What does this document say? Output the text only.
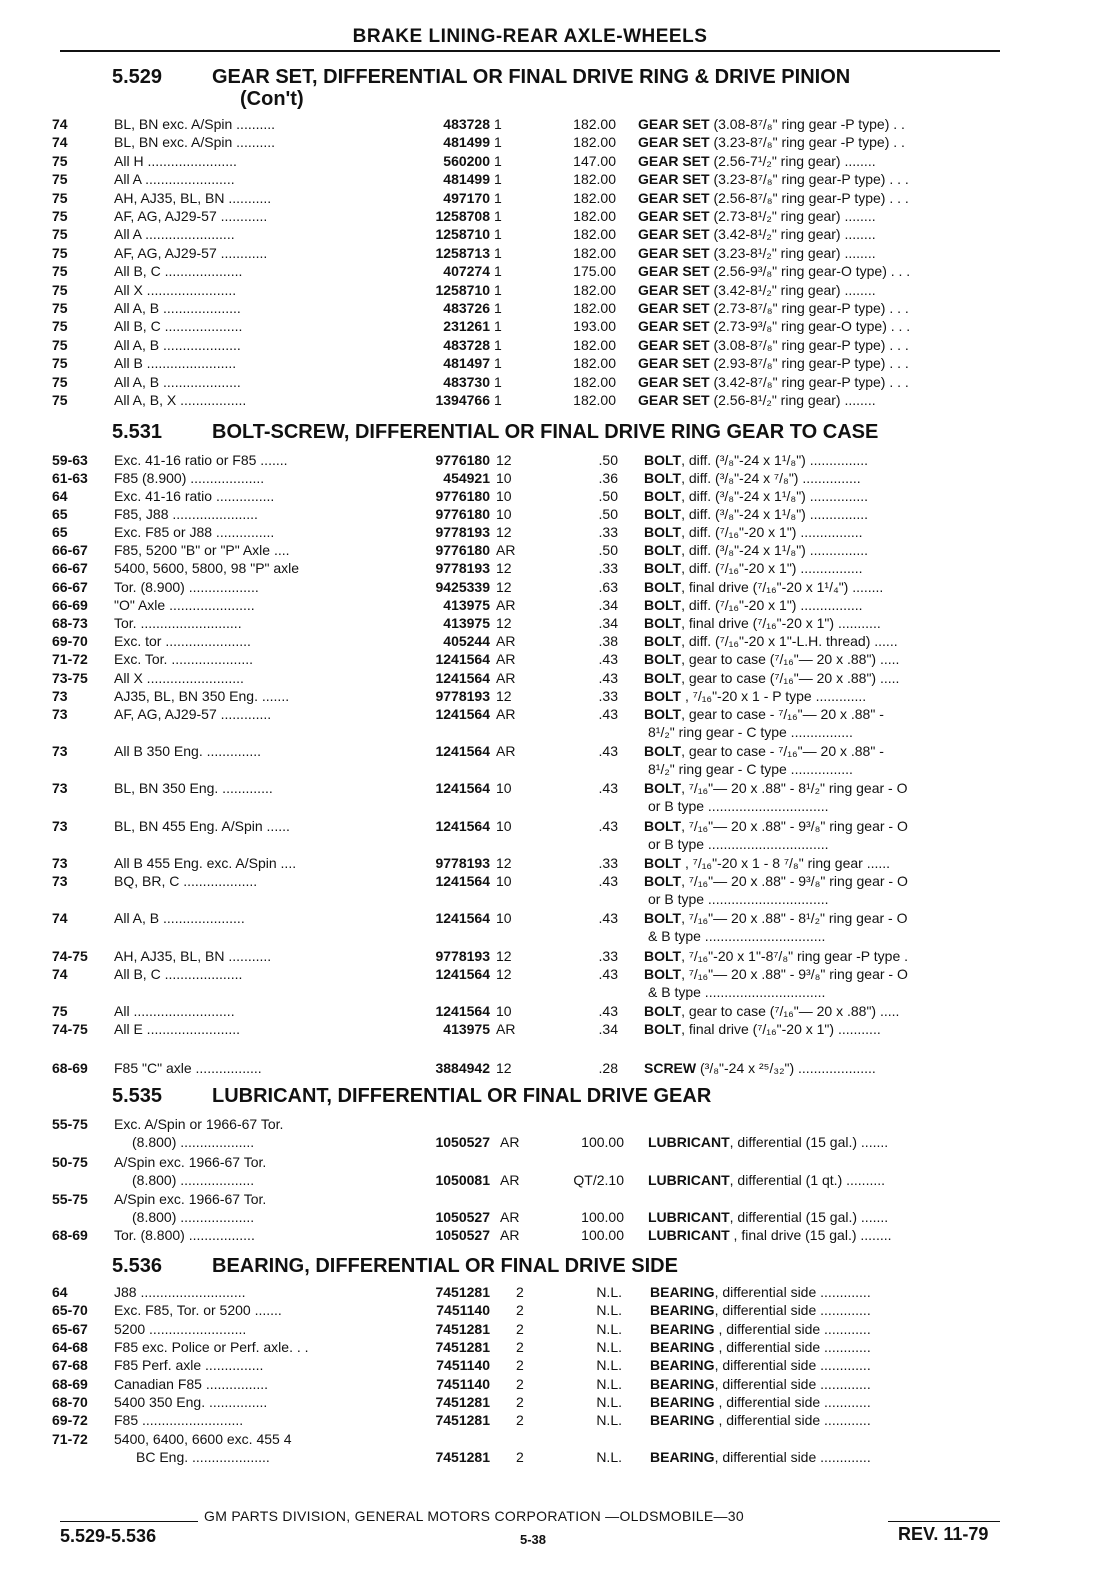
BRAKE LINING-REAR AXLE-WHEELS
5.529 GEAR SET, DIFFERENTIAL OR FINAL DRIVE RING & DRIVE PINION
(Con't)
74	BL, BN exc. A/Spin ..........	483728 1	182.00 GEAR SET (3.08-8⁷/₈" ring gear -P type) . .
74	BL, BN exc. A/Spin ..........	481499 1	182.00 GEAR SET (3.23-8⁷/₈" ring gear -P type) . .
75	All H .......................	560200 1	147.00 GEAR SET (2.56-7¹/₂" ring gear) ........
75	All A .......................	481499 1	182.00 GEAR SET (3.23-8⁷/₈" ring gear-P type) . . .
75	AH, AJ35, BL, BN ...........	497170 1	182.00 GEAR SET (2.56-8⁷/₈" ring gear-P type) . . .
75	AF, AG, AJ29-57 ............	1258708 1	182.00 GEAR SET (2.73-8¹/₂" ring gear) ........
75	All A .......................	1258710 1	182.00 GEAR SET (3.42-8¹/₂" ring gear) ........
75	AF, AG, AJ29-57 ............	1258713 1	182.00 GEAR SET (3.23-8¹/₂" ring gear) ........
75	All B, C ....................	407274 1	175.00 GEAR SET (2.56-9³/₈" ring gear-O type) . . .
75	All X .......................	1258710 1	182.00 GEAR SET (3.42-8¹/₂" ring gear) ........
75	All A, B ....................	483726 1	182.00 GEAR SET (2.73-8⁷/₈" ring gear-P type) . . .
75	All B, C ....................	231261 1	193.00 GEAR SET (2.73-9³/₈" ring gear-O type) . . .
75	All A, B ....................	483728 1	182.00 GEAR SET (3.08-8⁷/₈" ring gear-P type) . . .
75	All B .......................	481497 1	182.00 GEAR SET (2.93-8⁷/₈" ring gear-P type) . . .
75	All A, B ....................	483730 1	182.00 GEAR SET (3.42-8⁷/₈" ring gear-P type) . . .
75	All A, B, X .................	1394766 1	182.00 GEAR SET (2.56-8¹/₂" ring gear) ........
5.531 BOLT-SCREW, DIFFERENTIAL OR FINAL DRIVE RING GEAR TO CASE
59-63	Exc. 41-16 ratio or F85 .......	9776180 12	.50 BOLT, diff. (³/₈"-24 x 1¹/₈") ...............
61-63	F85 (8.900) ...................	454921 10	.36 BOLT, diff. (³/₈"-24 x ⁷/₈") ...............
64	Exc. 41-16 ratio ...............	9776180 10	.50 BOLT, diff. (³/₈"-24 x 1¹/₈") ...............
65	F85, J88 ......................	9776180 10	.50 BOLT, diff. (³/₈"-24 x 1¹/₈") ...............
65	Exc. F85 or J88 ...............	9778193 12	.33 BOLT, diff. (⁷/₁₆"-20 x 1") ................
66-67	F85, 5200 "B" or "P" Axle ....	9776180 AR	.50 BOLT, diff. (³/₈"-24 x 1¹/₈") ...............
66-67	5400, 5600, 5800, 98 "P" axle	9778193 12	.33 BOLT, diff. (⁷/₁₆"-20 x 1") ................
66-67	Tor. (8.900) ..................	9425339 12	.63 BOLT, final drive (⁷/₁₆"-20 x 1¹/₄") ........
66-69	"O" Axle ......................	413975 AR	.34 BOLT, diff. (⁷/₁₆"-20 x 1") ................
68-73	Tor. ..........................	413975 12	.34 BOLT, final drive (⁷/₁₆"-20 x 1") ...........
69-70	Exc. tor ......................	405244 AR	.38 BOLT, diff. (⁷/₁₆"-20 x 1"-L.H. thread) ......
71-72	Exc. Tor. .....................	1241564 AR	.43 BOLT, gear to case (⁷/₁₆"— 20 x .88") .....
73-75	All X .........................	1241564 AR	.43 BOLT, gear to case (⁷/₁₆"— 20 x .88") .....
73	AJ35, BL, BN 350 Eng. .......	9778193 12	.33 BOLT , ⁷/₁₆"-20 x 1 - P type .............
73	AF, AG, AJ29-57 .............	1241564 AR	.43 BOLT, gear to case - ⁷/₁₆"— 20 x .88" -
8¹/₂" ring gear - C type ................
73	All B 350 Eng. ..............	1241564 AR	.43 BOLT, gear to case - ⁷/₁₆"— 20 x .88" -
8¹/₂" ring gear - C type ................
73	BL, BN 350 Eng. .............	1241564 10	.43 BOLT, ⁷/₁₆"— 20 x .88" - 8¹/₂" ring gear - O
or B type ...............................
73	BL, BN 455 Eng. A/Spin ......	1241564 10	.43 BOLT, ⁷/₁₆"— 20 x .88" - 9³/₈" ring gear - O
or B type ...............................
73	All B 455 Eng. exc. A/Spin ....	9778193 12	.33 BOLT , ⁷/₁₆"-20 x 1 - 8 ⁷/₈" ring gear ......
73	BQ, BR, C ...................	1241564 10	.43 BOLT, ⁷/₁₆"— 20 x .88" - 9³/₈" ring gear - O
or B type ...............................
74	All A, B .....................	1241564 10	.43 BOLT, ⁷/₁₆"— 20 x .88" - 8¹/₂" ring gear - O
& B type ...............................
74-75	AH, AJ35, BL, BN ...........	9778193 12	.33 BOLT, ⁷/₁₆"-20 x 1"-8⁷/₈" ring gear -P type .
74	All B, C ....................	1241564 12	.43 BOLT, ⁷/₁₆"— 20 x .88" - 9³/₈" ring gear - O
& B type ...............................
75	All ..........................	1241564 10	.43 BOLT, gear to case (⁷/₁₆"— 20 x .88") .....
74-75	All E ........................	413975 AR	.34 BOLT, final drive (⁷/₁₆"-20 x 1") ...........
68-69	F85 "C" axle .................	3884942 12	.28 SCREW (³/₈"-24 x ²⁵/₃₂") ....................
5.535 LUBRICANT, DIFFERENTIAL OR FINAL DRIVE GEAR
55-75	Exc. A/Spin or 1966-67 Tor.
(8.800) ...................	1050527 AR	100.00 LUBRICANT, differential (15 gal.) .......
50-75	A/Spin exc. 1966-67 Tor.
(8.800) ...................	1050081 AR	QT/2.10 LUBRICANT, differential (1 qt.) ..........
55-75	A/Spin exc. 1966-67 Tor.
(8.800) ...................	1050527 AR	100.00 LUBRICANT, differential (15 gal.) .......
68-69	Tor. (8.800) .................	1050527 AR	100.00 LUBRICANT , final drive (15 gal.) ........
5.536 BEARING, DIFFERENTIAL OR FINAL DRIVE SIDE
64	J88 ...........................	7451281 2	N.L. BEARING, differential side .............
65-70	Exc. F85, Tor. or 5200 .......	7451140 2	N.L. BEARING, differential side .............
65-67	5200 .........................	7451281 2	N.L. BEARING , differential side ............
64-68	F85 exc. Police or Perf. axle. . .	7451281 2	N.L. BEARING , differential side ............
67-68	F85 Perf. axle ...............	7451140 2	N.L. BEARING, differential side .............
68-69	Canadian F85 ................	7451140 2	N.L. BEARING, differential side .............
68-70	5400 350 Eng. ...............	7451281 2	N.L. BEARING , differential side ............
69-72	F85 ..........................	7451281 2	N.L. BEARING , differential side ............
71-72	5400, 6400, 6600 exc. 455 4
BC Eng. ....................	7451281 2	N.L. BEARING, differential side .............
GM PARTS DIVISION, GENERAL MOTORS CORPORATION —OLDSMOBILE—30
5.529-5.536	5-38	REV. 11-79
